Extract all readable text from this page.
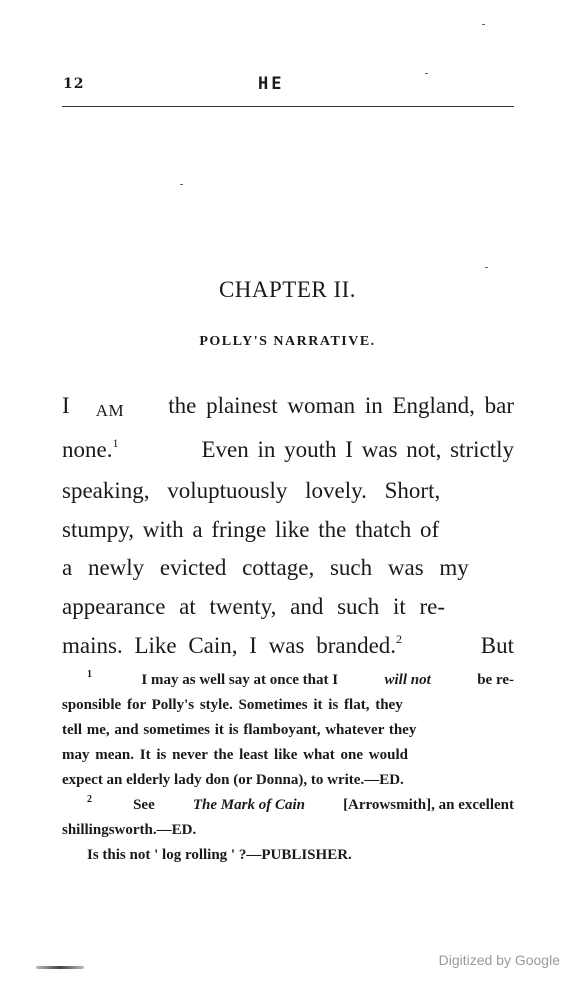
12	HE
CHAPTER II.
POLLY'S NARRATIVE.
I AM the plainest woman in England, bar
none.1	Even in youth I was not, strictly
speaking, voluptuously lovely. Short,
stumpy, with a fringe like the thatch of
a newly evicted cottage, such was my
appearance at twenty, and such it re-
mains. Like Cain, I was branded.2	But
1	I may as well say at once that I	will not	be re-
sponsible for Polly's style. Sometimes it is flat, they
tell me, and sometimes it is flamboyant, whatever they
may mean. It is never the least like what one would
expect an elderly lady don (or Donna), to write.—ED.
2	See	The Mark of Cain	[Arrowsmith], an excellent
shillingsworth.—ED.
Is this not ' log rolling ' ?—PUBLISHER.
Digitized by Google
